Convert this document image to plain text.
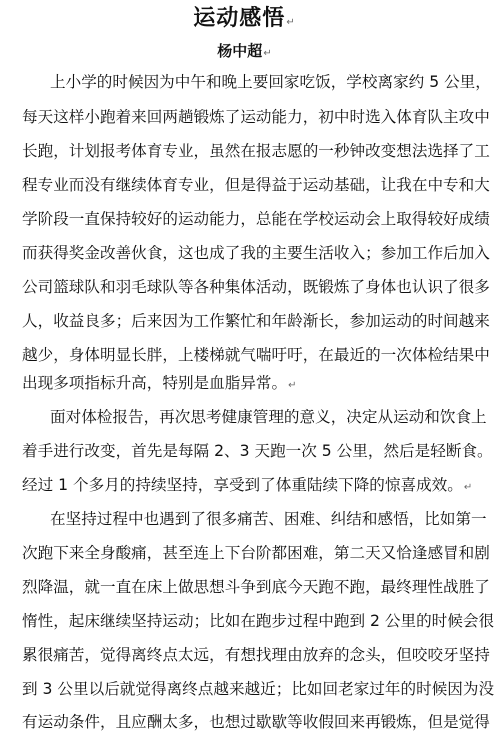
运动感悟↵
杨中超↵
上小学的时候因为中午和晚上要回家吃饭，学校离家约 5 公里，
每天这样小跑着来回两趟锻炼了运动能力，初中时选入体育队主攻中
长跑，计划报考体育专业，虽然在报志愿的一秒钟改变想法选择了工
程专业而没有继续体育专业，但是得益于运动基础，让我在中专和大
学阶段一直保持较好的运动能力，总能在学校运动会上取得较好成绩
而获得奖金改善伙食，这也成了我的主要生活收入；参加工作后加入
公司篮球队和羽毛球队等各种集体活动，既锻炼了身体也认识了很多
人，收益良多；后来因为工作繁忙和年龄渐长，参加运动的时间越来
越少，身体明显长胖，上楼梯就气喘吁吁，在最近的一次体检结果中
出现多项指标升高，特别是血脂异常。↵
面对体检报告，再次思考健康管理的意义，决定从运动和饮食上
着手进行改变，首先是每隔 2、3 天跑一次 5 公里，然后是轻断食。
经过 1 个多月的持续坚持，享受到了体重陆续下降的惊喜成效。↵
在坚持过程中也遇到了很多痛苦、困难、纠结和感悟，比如第一
次跑下来全身酸痛，甚至连上下台阶都困难，第二天又恰逢感冒和剧
烈降温，就一直在床上做思想斗争到底今天跑不跑，最终理性战胜了
惰性，起床继续坚持运动；比如在跑步过程中跑到 2 公里的时候会很
累很痛苦，觉得离终点太远，有想找理由放弃的念头，但咬咬牙坚持
到 3 公里以后就觉得离终点越来越近；比如回老家过年的时候因为没
有运动条件，且应酬太多，也想过歇歇等收假回来再锻炼，但是觉得
